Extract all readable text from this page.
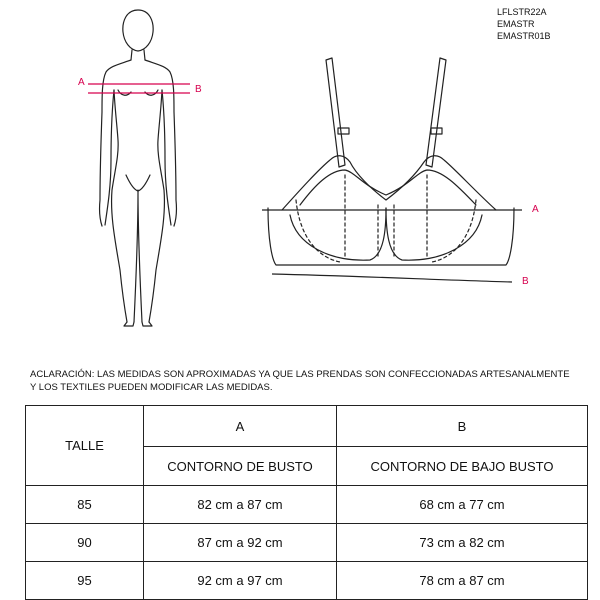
LFLSTR22A
EMASTR
EMASTR01B
A
B
A
B
ACLARACIÓN: LAS MEDIDAS SON APROXIMADAS YA QUE LAS PRENDAS SON CONFECCIONADAS ARTESANALMENTE Y LOS TEXTILES PUEDEN MODIFICAR LAS MEDIDAS.
TALLE	A	B
	CONTORNO DE BUSTO	CONTORNO DE BAJO BUSTO
85	82 cm a 87 cm	68 cm a 77 cm
90	87 cm a 92 cm	73 cm a 82 cm
95	92 cm a 97 cm	78 cm a 87 cm
